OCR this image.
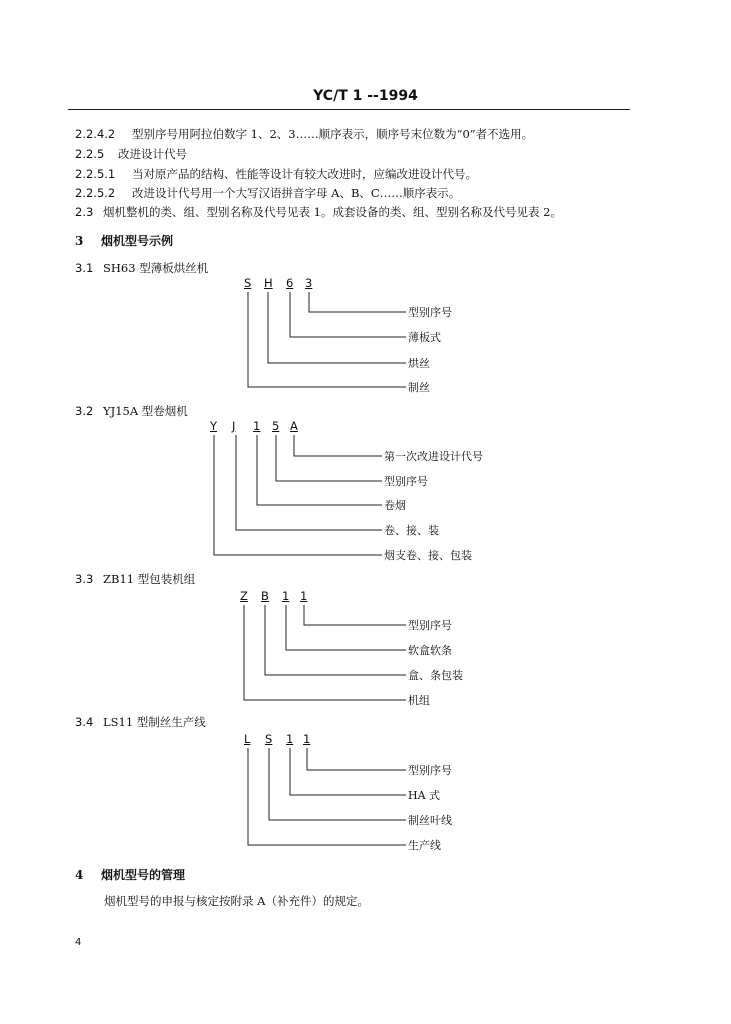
YC/T 1 --1994
2.2.4.2 型别序号用阿拉伯数字 1、2、3……顺序表示，顺序号末位数为“0”者不选用。
2.2.5 改进设计代号
2.2.5.1 当对原产品的结构、性能等设计有较大改进时，应编改进设计代号。
2.2.5.2 改进设计代号用一个大写汉语拼音字母 A、B、C……顺序表示。
2.3 烟机整机的类、组、型别名称及代号见表 1。成套设备的类、组、型别名称及代号见表 2。
3 烟机型号示例
3.1 SH63 型薄板烘丝机
3.2 YJ15A 型卷烟机
3.3 ZB11 型包装机组
3.4 LS11 型制丝生产线
S H 6 3
型别序号
薄板式
烘丝
制丝
Y J 1 5 A
第一次改进设计代号
型别序号
卷烟
卷、接、装
烟支卷、接、包装
Z B 1 1
型别序号
软盒软条
盒、条包装
机组
L S 1 1
型别序号
HA 式
制丝叶线
生产线
4 烟机型号的管理
烟机型号的申报与核定按附录 A（补充件）的规定。
4
